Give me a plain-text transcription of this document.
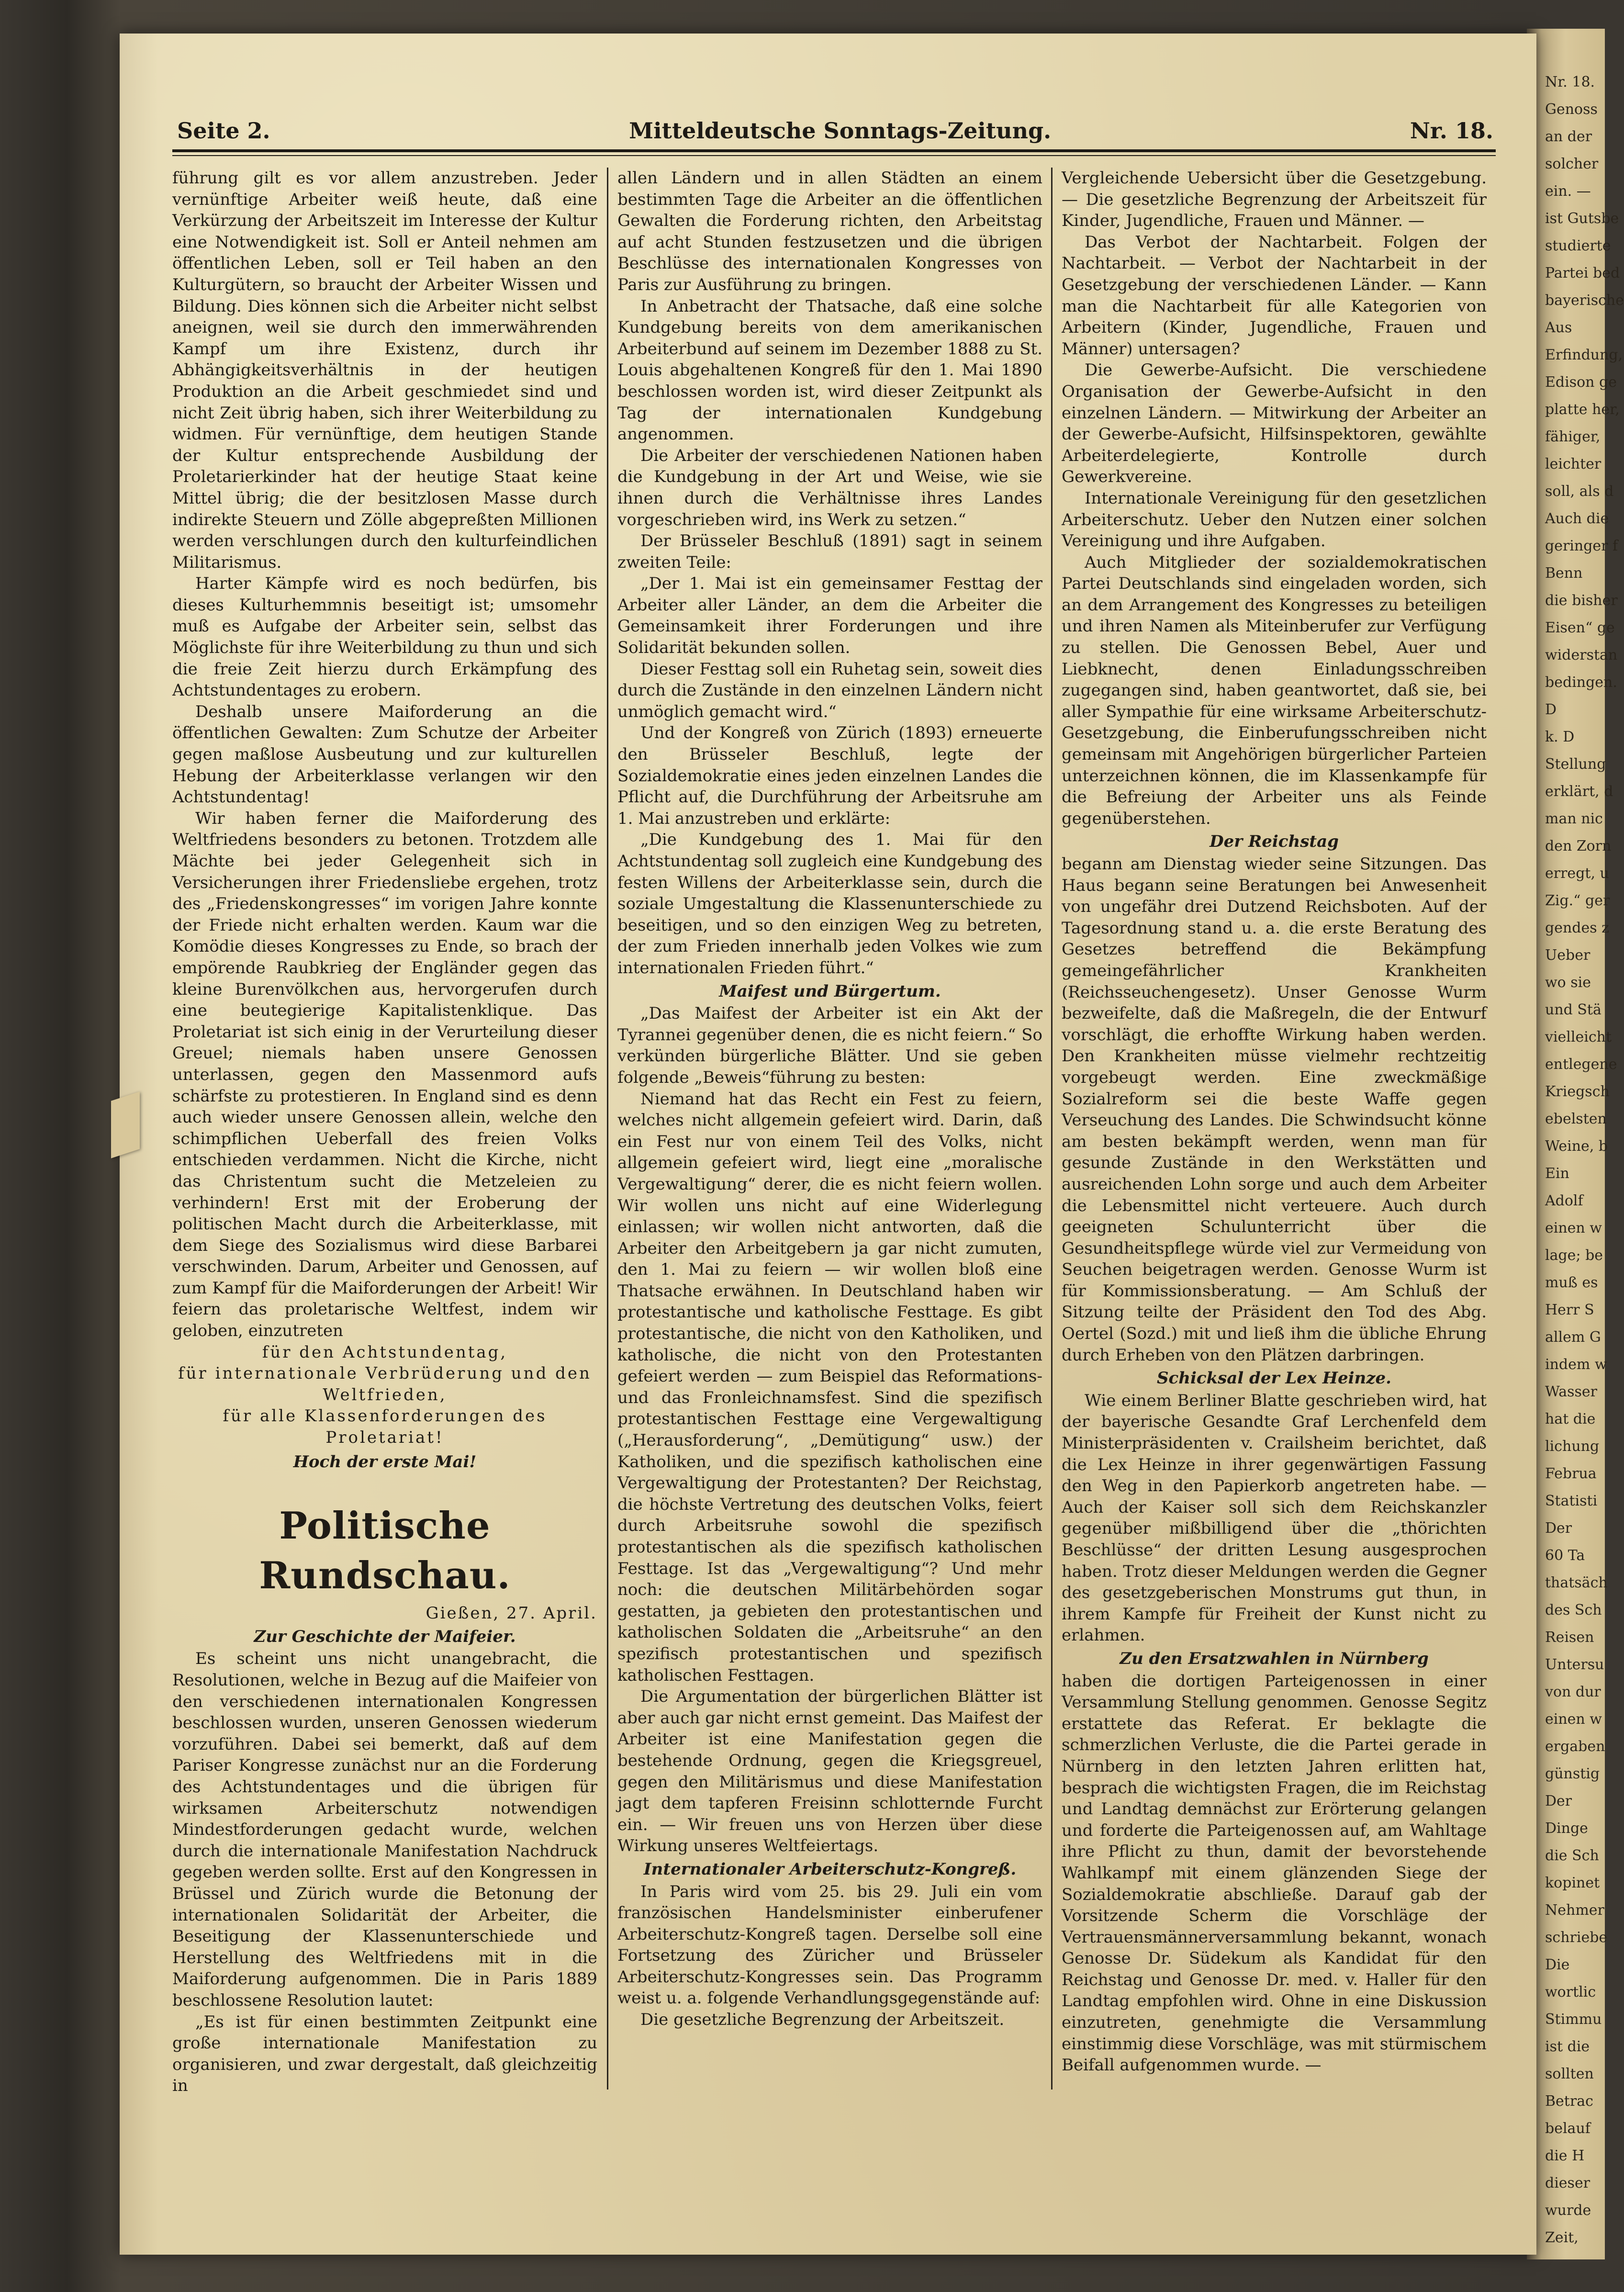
Nr. 18.
Genoss
an der
solcher
ein. —
ist Gutsbe
studierte
Partei bed
bayerische
Aus
Erfindung,
Edison ge
platte her,
fähiger,
leichter
soll, als d
Auch die
geringer f
Benn
die bisher
Eisen“ ge
widerstan
bedingen.
D
k. D
Stellung
erklärt, d
man nic
den Zorn
erregt, u
Zig.“ ger
gendes z
Ueber
wo sie
und Stä
vielleicht
entlegene
Kriegsch
ebelsten
Weine, b
Ein
Adolf
einen w
lage; be
muß es
Herr S
allem G
indem w
Wasser
hat die
lichung
Februa
Statisti
Der
60 Ta
thatsäch
des Sch
Reisen
Untersu
von dur
einen w
ergaben
günstig
Der
Dinge
die Sch
kopinet
Nehmer
schriebe
Die
wortlic
Stimmu
ist die
sollten
Betrac
belauf
die H
dieser
wurde
Zeit,
Seite 2.	Mitteldeutsche Sonntags-Zeitung.	Nr. 18.

führung gilt es vor allem anzustreben. Jeder vernünftige Arbeiter weiß heute, daß eine Verkürzung der Arbeitszeit im Interesse der Kultur eine Notwendigkeit ist. Soll er Anteil nehmen am öffentlichen Leben, soll er Teil haben an den Kulturgütern, so braucht der Arbeiter Wissen und Bildung. Dies können sich die Arbeiter nicht selbst aneignen, weil sie durch den immerwährenden Kampf um ihre Existenz, durch ihr Abhängigkeitsverhältnis in der heutigen Produktion an die Arbeit geschmiedet sind und nicht Zeit übrig haben, sich ihrer Weiterbildung zu widmen. Für vernünftige, dem heutigen Stande der Kultur entsprechende Ausbildung der Proletarierkinder hat der heutige Staat keine Mittel übrig; die der besitzlosen Masse durch indirekte Steuern und Zölle abgepreßten Millionen werden verschlungen durch den kulturfeindlichen Militarismus.

Harter Kämpfe wird es noch bedürfen, bis dieses Kulturhemmnis beseitigt ist; umsomehr muß es Aufgabe der Arbeiter sein, selbst das Möglichste für ihre Weiterbildung zu thun und sich die freie Zeit hierzu durch Erkämpfung des Achtstundentages zu erobern.

Deshalb unsere Maiforderung an die öffentlichen Gewalten: Zum Schutze der Arbeiter gegen maßlose Ausbeutung und zur kulturellen Hebung der Arbeiterklasse verlangen wir den Achtstundentag!

Wir haben ferner die Maiforderung des Weltfriedens besonders zu betonen. Trotzdem alle Mächte bei jeder Gelegenheit sich in Versicherungen ihrer Friedensliebe ergehen, trotz des „Friedenskongresses“ im vorigen Jahre konnte der Friede nicht erhalten werden. Kaum war die Komödie dieses Kongresses zu Ende, so brach der empörende Raubkrieg der Engländer gegen das kleine Burenvölkchen aus, hervorgerufen durch eine beutegierige Kapitalistenklique. Das Proletariat ist sich einig in der Verurteilung dieser Greuel; niemals haben unsere Genossen unterlassen, gegen den Massenmord aufs schärfste zu protestieren. In England sind es denn auch wieder unsere Genossen allein, welche den schimpflichen Ueberfall des freien Volks entschieden verdammen. Nicht die Kirche, nicht das Christentum sucht die Metzeleien zu verhindern! Erst mit der Eroberung der politischen Macht durch die Arbeiterklasse, mit dem Siege des Sozialismus wird diese Barbarei verschwinden. Darum, Arbeiter und Genossen, auf zum Kampf für die Maiforderungen der Arbeit! Wir feiern das proletarische Weltfest, indem wir geloben, einzutreten

für den Achtstundentag,
für internationale Verbrüderung und den Weltfrieden,
für alle Klassenforderungen des Proletariat!
Hoch der erste Mai!
Politische Rundschau.
Gießen, 27. April.
Zur Geschichte der Maifeier.

Es scheint uns nicht unangebracht, die Resolutionen, welche in Bezug auf die Maifeier von den verschiedenen internationalen Kongressen beschlossen wurden, unseren Genossen wiederum vorzuführen. Dabei sei bemerkt, daß auf dem Pariser Kongresse zunächst nur an die Forderung des Achtstundentages und die übrigen für wirksamen Arbeiterschutz notwendigen Mindestforderungen gedacht wurde, welchen durch die internationale Manifestation Nachdruck gegeben werden sollte. Erst auf den Kongressen in Brüssel und Zürich wurde die Betonung der internationalen Solidarität der Arbeiter, die Beseitigung der Klassenunterschiede und Herstellung des Weltfriedens mit in die Maiforderung aufgenommen. Die in Paris 1889 beschlossene Resolution lautet:

„Es ist für einen bestimmten Zeitpunkt eine große internationale Manifestation zu organisieren, und zwar dergestalt, daß gleichzeitig in

allen Ländern und in allen Städten an einem bestimmten Tage die Arbeiter an die öffentlichen Gewalten die Forderung richten, den Arbeitstag auf acht Stunden festzusetzen und die übrigen Beschlüsse des internationalen Kongresses von Paris zur Ausführung zu bringen.

In Anbetracht der Thatsache, daß eine solche Kundgebung bereits von dem amerikanischen Arbeiterbund auf seinem im Dezember 1888 zu St. Louis abgehaltenen Kongreß für den 1. Mai 1890 beschlossen worden ist, wird dieser Zeitpunkt als Tag der internationalen Kundgebung angenommen.

Die Arbeiter der verschiedenen Nationen haben die Kundgebung in der Art und Weise, wie sie ihnen durch die Verhältnisse ihres Landes vorgeschrieben wird, ins Werk zu setzen.“

Der Brüsseler Beschluß (1891) sagt in seinem zweiten Teile:

„Der 1. Mai ist ein gemeinsamer Festtag der Arbeiter aller Länder, an dem die Arbeiter die Gemeinsamkeit ihrer Forderungen und ihre Solidarität bekunden sollen.

Dieser Festtag soll ein Ruhetag sein, soweit dies durch die Zustände in den einzelnen Ländern nicht unmöglich gemacht wird.“

Und der Kongreß von Zürich (1893) erneuerte den Brüsseler Beschluß, legte der Sozialdemokratie eines jeden einzelnen Landes die Pflicht auf, die Durchführung der Arbeitsruhe am 1. Mai anzustreben und erklärte:

„Die Kundgebung des 1. Mai für den Achtstundentag soll zugleich eine Kundgebung des festen Willens der Arbeiterklasse sein, durch die soziale Umgestaltung die Klassenunterschiede zu beseitigen, und so den einzigen Weg zu betreten, der zum Frieden innerhalb jeden Volkes wie zum internationalen Frieden führt.“

Maifest und Bürgertum.

„Das Maifest der Arbeiter ist ein Akt der Tyrannei gegenüber denen, die es nicht feiern.“ So verkünden bürgerliche Blätter. Und sie geben folgende „Beweis“führung zu besten:

Niemand hat das Recht ein Fest zu feiern, welches nicht allgemein gefeiert wird. Darin, daß ein Fest nur von einem Teil des Volks, nicht allgemein gefeiert wird, liegt eine „moralische Vergewaltigung“ derer, die es nicht feiern wollen. Wir wollen uns nicht auf eine Widerlegung einlassen; wir wollen nicht antworten, daß die Arbeiter den Arbeitgebern ja gar nicht zumuten, den 1. Mai zu feiern — wir wollen bloß eine Thatsache erwähnen. In Deutschland haben wir protestantische und katholische Festtage. Es gibt protestantische, die nicht von den Katholiken, und katholische, die nicht von den Protestanten gefeiert werden — zum Beispiel das Reformations- und das Fronleichnamsfest. Sind die spezifisch protestantischen Festtage eine Vergewaltigung („Herausforderung“, „Demütigung“ usw.) der Katholiken, und die spezifisch katholischen eine Vergewaltigung der Protestanten? Der Reichstag, die höchste Vertretung des deutschen Volks, feiert durch Arbeitsruhe sowohl die spezifisch protestantischen als die spezifisch katholischen Festtage. Ist das „Vergewaltigung“? Und mehr noch: die deutschen Militärbehörden sogar gestatten, ja gebieten den protestantischen und katholischen Soldaten die „Arbeitsruhe“ an den spezifisch protestantischen und spezifisch katholischen Festtagen.

Die Argumentation der bürgerlichen Blätter ist aber auch gar nicht ernst gemeint. Das Maifest der Arbeiter ist eine Manifestation gegen die bestehende Ordnung, gegen die Kriegsgreuel, gegen den Militärismus und diese Manifestation jagt dem tapferen Freisinn schlotternde Furcht ein. — Wir freuen uns von Herzen über diese Wirkung unseres Weltfeiertags.

Internationaler Arbeiterschutz-Kongreß.

In Paris wird vom 25. bis 29. Juli ein vom französischen Handelsminister einberufener Arbeiterschutz-Kongreß tagen. Derselbe soll eine Fortsetzung des Züricher und Brüsseler Arbeiterschutz-Kongresses sein. Das Programm weist u. a. folgende Verhandlungsgegenstände auf:

Die gesetzliche Begrenzung der Arbeitszeit.

Vergleichende Uebersicht über die Gesetzgebung. — Die gesetzliche Begrenzung der Arbeitszeit für Kinder, Jugendliche, Frauen und Männer. —

Das Verbot der Nachtarbeit. Folgen der Nachtarbeit. — Verbot der Nachtarbeit in der Gesetzgebung der verschiedenen Länder. — Kann man die Nachtarbeit für alle Kategorien von Arbeitern (Kinder, Jugendliche, Frauen und Männer) untersagen?

Die Gewerbe-Aufsicht. Die verschiedene Organisation der Gewerbe-Aufsicht in den einzelnen Ländern. — Mitwirkung der Arbeiter an der Gewerbe-Aufsicht, Hilfsinspektoren, gewählte Arbeiterdelegierte, Kontrolle durch Gewerkvereine.

Internationale Vereinigung für den gesetzlichen Arbeiterschutz. Ueber den Nutzen einer solchen Vereinigung und ihre Aufgaben.

Auch Mitglieder der sozialdemokratischen Partei Deutschlands sind eingeladen worden, sich an dem Arrangement des Kongresses zu beteiligen und ihren Namen als Miteinberufer zur Verfügung zu stellen. Die Genossen Bebel, Auer und Liebknecht, denen Einladungsschreiben zugegangen sind, haben geantwortet, daß sie, bei aller Sympathie für eine wirksame Arbeiterschutz-Gesetzgebung, die Einberufungsschreiben nicht gemeinsam mit Angehörigen bürgerlicher Parteien unterzeichnen können, die im Klassenkampfe für die Befreiung der Arbeiter uns als Feinde gegenüberstehen.

Der Reichstag

begann am Dienstag wieder seine Sitzungen. Das Haus begann seine Beratungen bei Anwesenheit von ungefähr drei Dutzend Reichsboten. Auf der Tagesordnung stand u. a. die erste Beratung des Gesetzes betreffend die Bekämpfung gemeingefährlicher Krankheiten (Reichsseuchengesetz). Unser Genosse Wurm bezweifelte, daß die Maßregeln, die der Entwurf vorschlägt, die erhoffte Wirkung haben werden. Den Krankheiten müsse vielmehr rechtzeitig vorgebeugt werden. Eine zweckmäßige Sozialreform sei die beste Waffe gegen Verseuchung des Landes. Die Schwindsucht könne am besten bekämpft werden, wenn man für gesunde Zustände in den Werkstätten und ausreichenden Lohn sorge und auch dem Arbeiter die Lebensmittel nicht verteuere. Auch durch geeigneten Schulunterricht über die Gesundheitspflege würde viel zur Vermeidung von Seuchen beigetragen werden. Genosse Wurm ist für Kommissionsberatung. — Am Schluß der Sitzung teilte der Präsident den Tod des Abg. Oertel (Sozd.) mit und ließ ihm die übliche Ehrung durch Erheben von den Plätzen darbringen.

Schicksal der Lex Heinze.

Wie einem Berliner Blatte geschrieben wird, hat der bayerische Gesandte Graf Lerchenfeld dem Ministerpräsidenten v. Crailsheim berichtet, daß die Lex Heinze in ihrer gegenwärtigen Fassung den Weg in den Papierkorb angetreten habe. — Auch der Kaiser soll sich dem Reichskanzler gegenüber mißbilligend über die „thörichten Beschlüsse“ der dritten Lesung ausgesprochen haben. Trotz dieser Meldungen werden die Gegner des gesetzgeberischen Monstrums gut thun, in ihrem Kampfe für Freiheit der Kunst nicht zu erlahmen.

Zu den Ersatzwahlen in Nürnberg

haben die dortigen Parteigenossen in einer Versammlung Stellung genommen. Genosse Segitz erstattete das Referat. Er beklagte die schmerzlichen Verluste, die die Partei gerade in Nürnberg in den letzten Jahren erlitten hat, besprach die wichtigsten Fragen, die im Reichstag und Landtag demnächst zur Erörterung gelangen und forderte die Parteigenossen auf, am Wahltage ihre Pflicht zu thun, damit der bevorstehende Wahlkampf mit einem glänzenden Siege der Sozialdemokratie abschließe. Darauf gab der Vorsitzende Scherm die Vorschläge der Vertrauensmännerversammlung bekannt, wonach Genosse Dr. Südekum als Kandidat für den Reichstag und Genosse Dr. med. v. Haller für den Landtag empfohlen wird. Ohne in eine Diskussion einzutreten, genehmigte die Versammlung einstimmig diese Vorschläge, was mit stürmischem Beifall aufgenommen wurde. —
